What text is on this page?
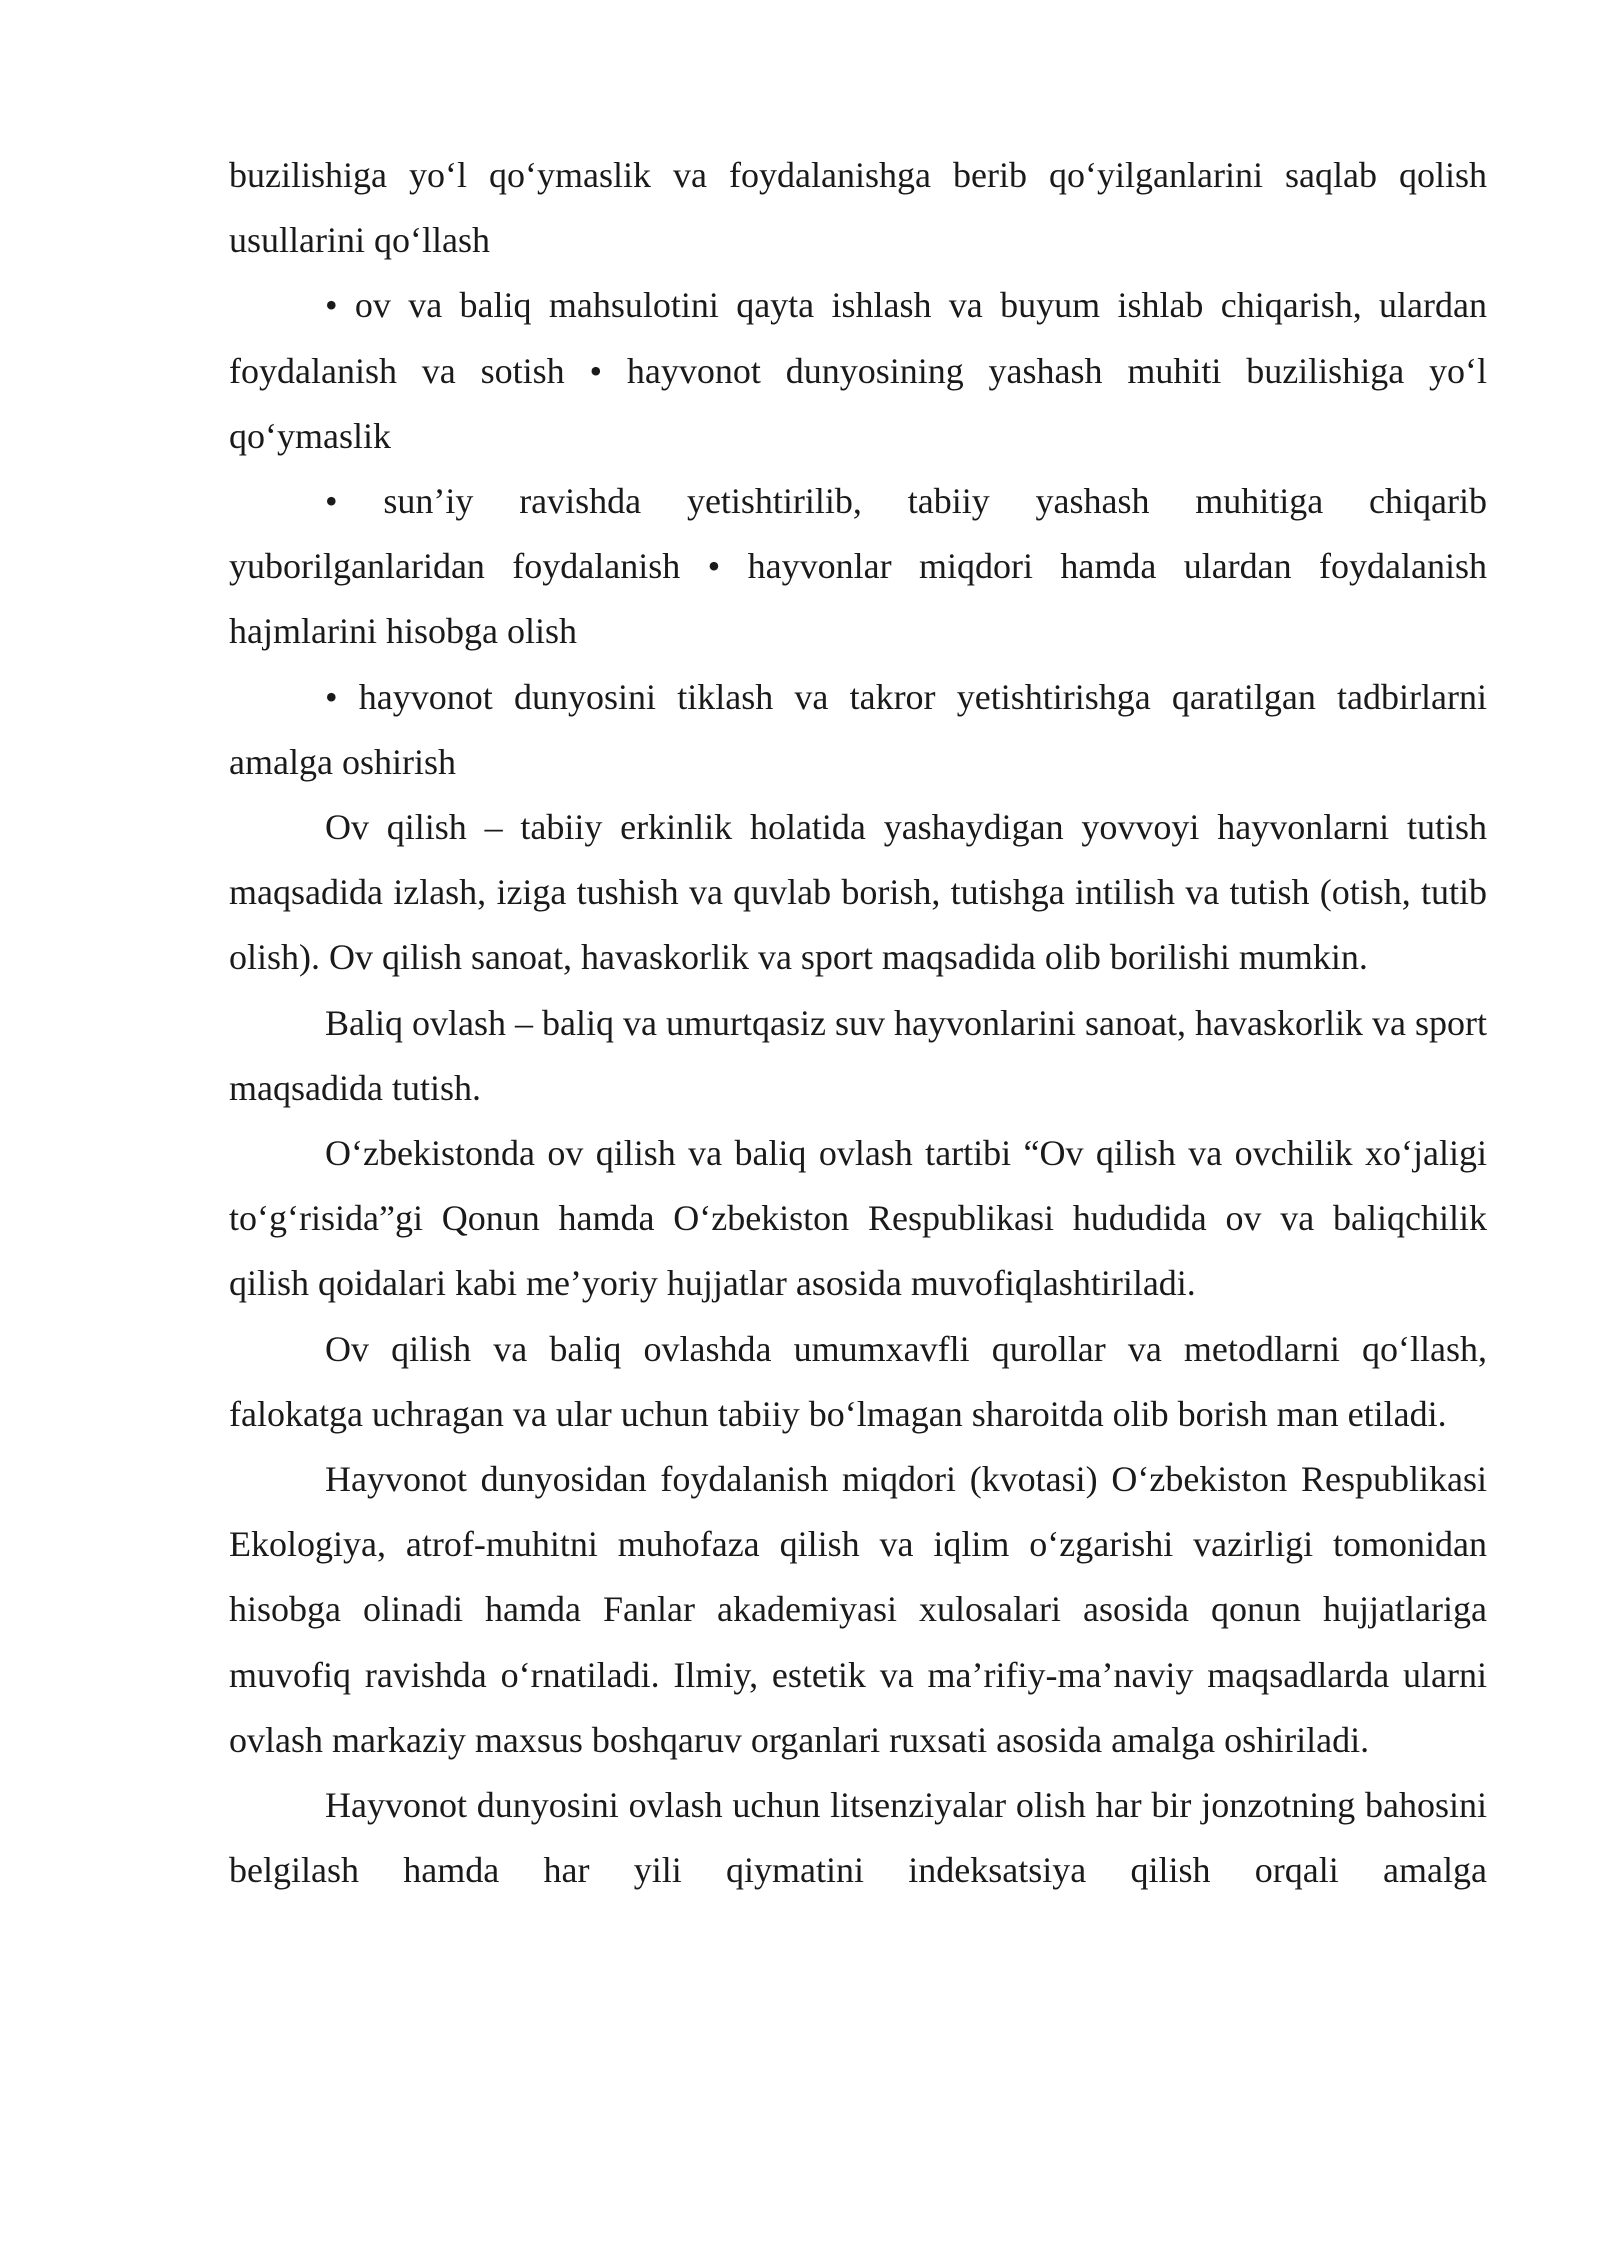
buzilishiga yo‘l qo‘ymaslik va foydalanishga berib qo‘yilganlarini saqlab qolish usullarini qo‘llash

• ov va baliq mahsulotini qayta ishlash va buyum ishlab chiqarish, ulardan foydalanish va sotish • hayvonot dunyosining yashash muhiti buzilishiga yo‘l qo‘ymaslik

• sun’iy ravishda yetishtirilib, tabiiy yashash muhitiga chiqarib yuborilganlaridan foydalanish • hayvonlar miqdori hamda ulardan foydalanish hajmlarini hisobga olish

• hayvonot dunyosini tiklash va takror yetishtirishga qaratilgan tadbirlarni amalga oshirish

Ov qilish – tabiiy erkinlik holatida yashaydigan yovvoyi hayvonlarni tutish maqsadida izlash, iziga tushish va quvlab borish, tutishga intilish va tutish (otish, tutib olish). Ov qilish sanoat, havaskorlik va sport maqsadida olib borilishi mumkin.

Baliq ovlash – baliq va umurtqasiz suv hayvonlarini sanoat, havaskorlik va sport maqsadida tutish.

O‘zbekistonda ov qilish va baliq ovlash tartibi “Ov qilish va ovchilik xo‘jaligi to‘g‘risida”gi Qonun hamda O‘zbekiston Respublikasi hududida ov va baliqchilik qilish qoidalari kabi me’yoriy hujjatlar asosida muvofiqlashtiriladi.

Ov qilish va baliq ovlashda umumxavfli qurollar va metodlarni qo‘llash, falokatga uchragan va ular uchun tabiiy bo‘lmagan sharoitda olib borish man etiladi.

Hayvonot dunyosidan foydalanish miqdori (kvotasi) O‘zbekiston Respublikasi Ekologiya, atrof-muhitni muhofaza qilish va iqlim o‘zgarishi vazirligi tomonidan hisobga olinadi hamda Fanlar akademiyasi xulosalari asosida qonun hujjatlariga muvofiq ravishda o‘rnatiladi. Ilmiy, estetik va ma’rifiy-ma’naviy maqsadlarda ularni ovlash markaziy maxsus boshqaruv organlari ruxsati asosida amalga oshiriladi.

Hayvonot dunyosini ovlash uchun litsenziyalar olish har bir jonzotning bahosini belgilash hamda har yili qiymatini indeksatsiya qilish orqali amalga
